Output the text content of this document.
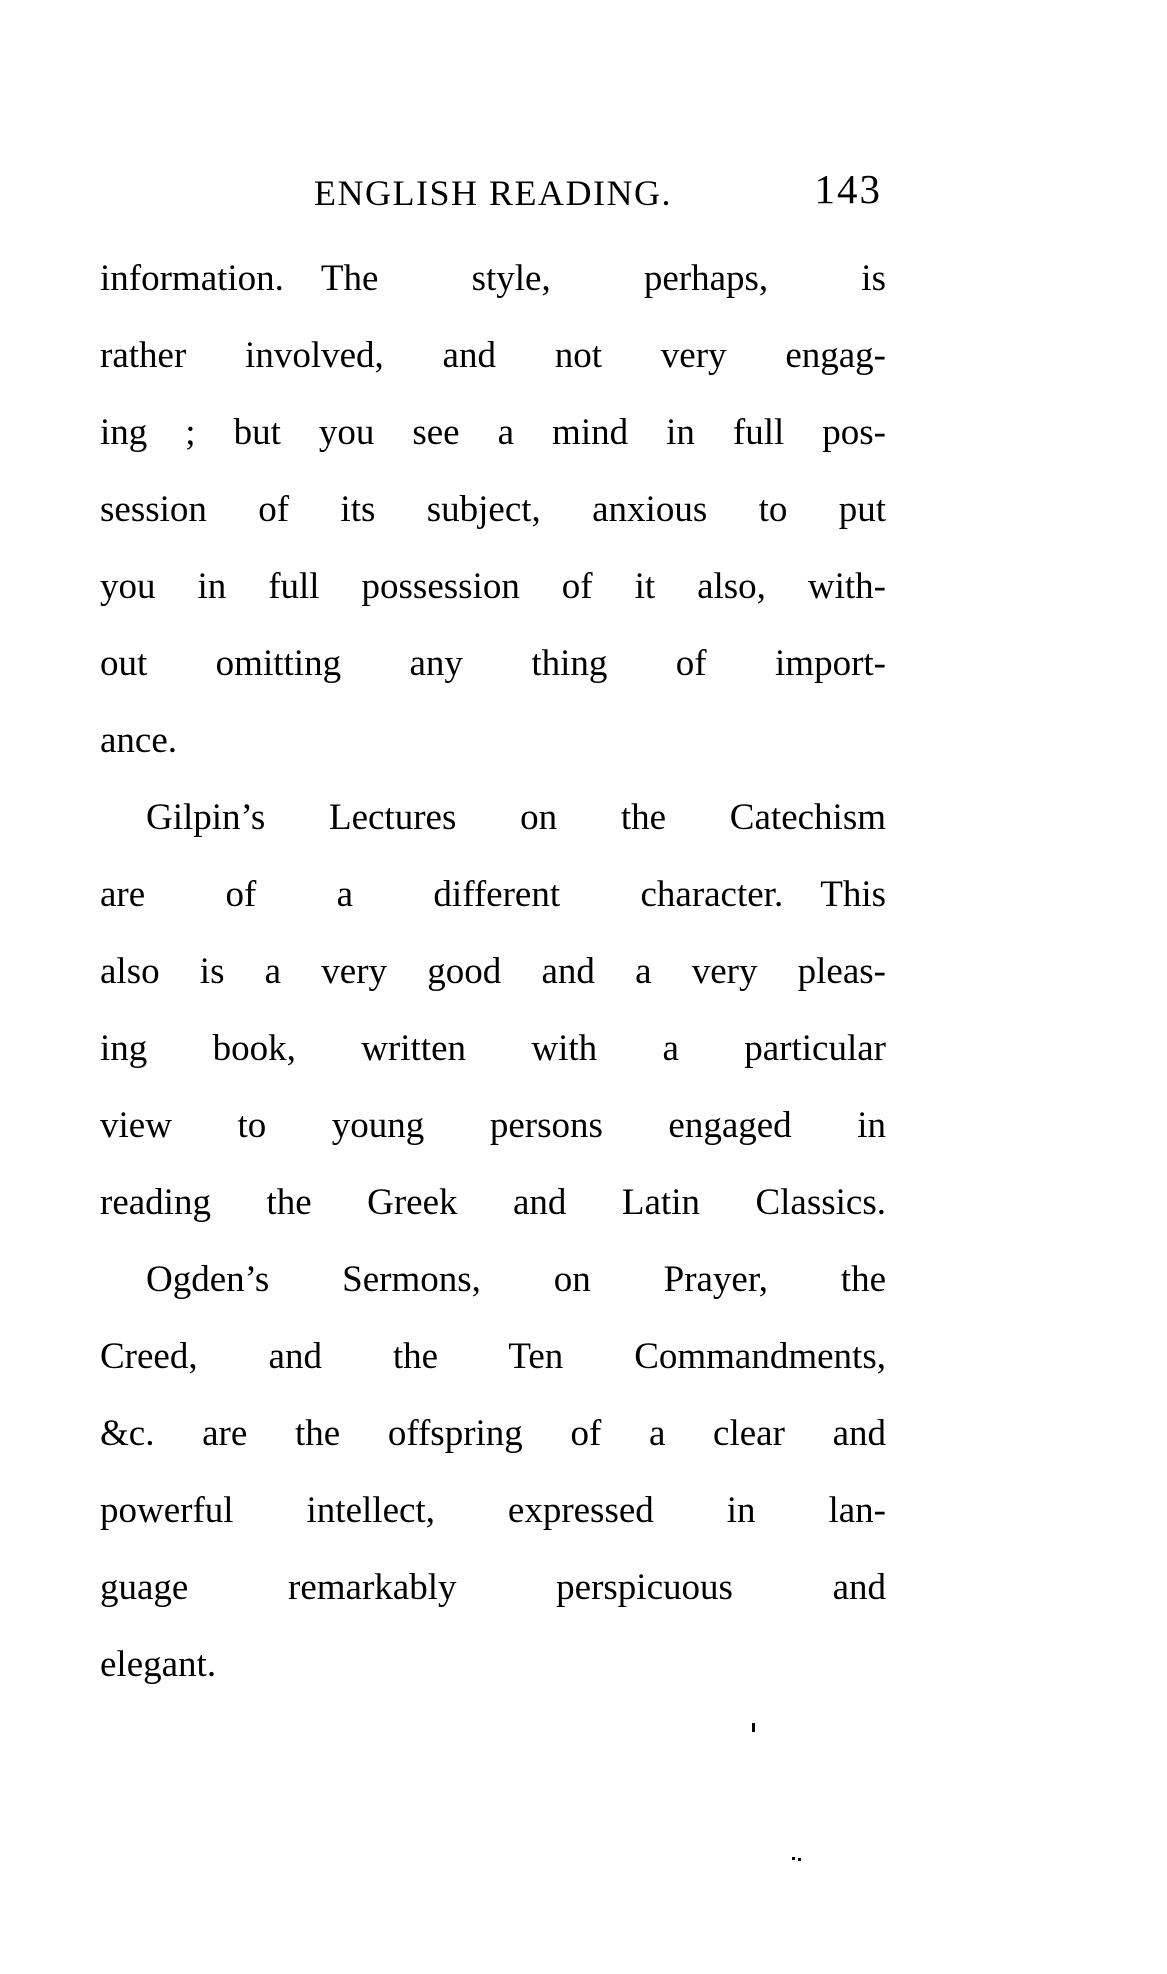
ENGLISH READING.	143
information. The style, perhaps, is
rather involved, and not very engag-
ing ; but you see a mind in full pos-
session of its subject, anxious to put
you in full possession of it also, with-
out omitting any thing of import-
ance.
Gilpin’s Lectures on the Catechism
are of a different character. This
also is a very good and a very pleas-
ing book, written with a particular
view to young persons engaged in
reading the Greek and Latin Classics.
Ogden’s Sermons, on Prayer, the
Creed, and the Ten Commandments,
&c. are the offspring of a clear and
powerful intellect, expressed in lan-
guage remarkably perspicuous and
elegant.
